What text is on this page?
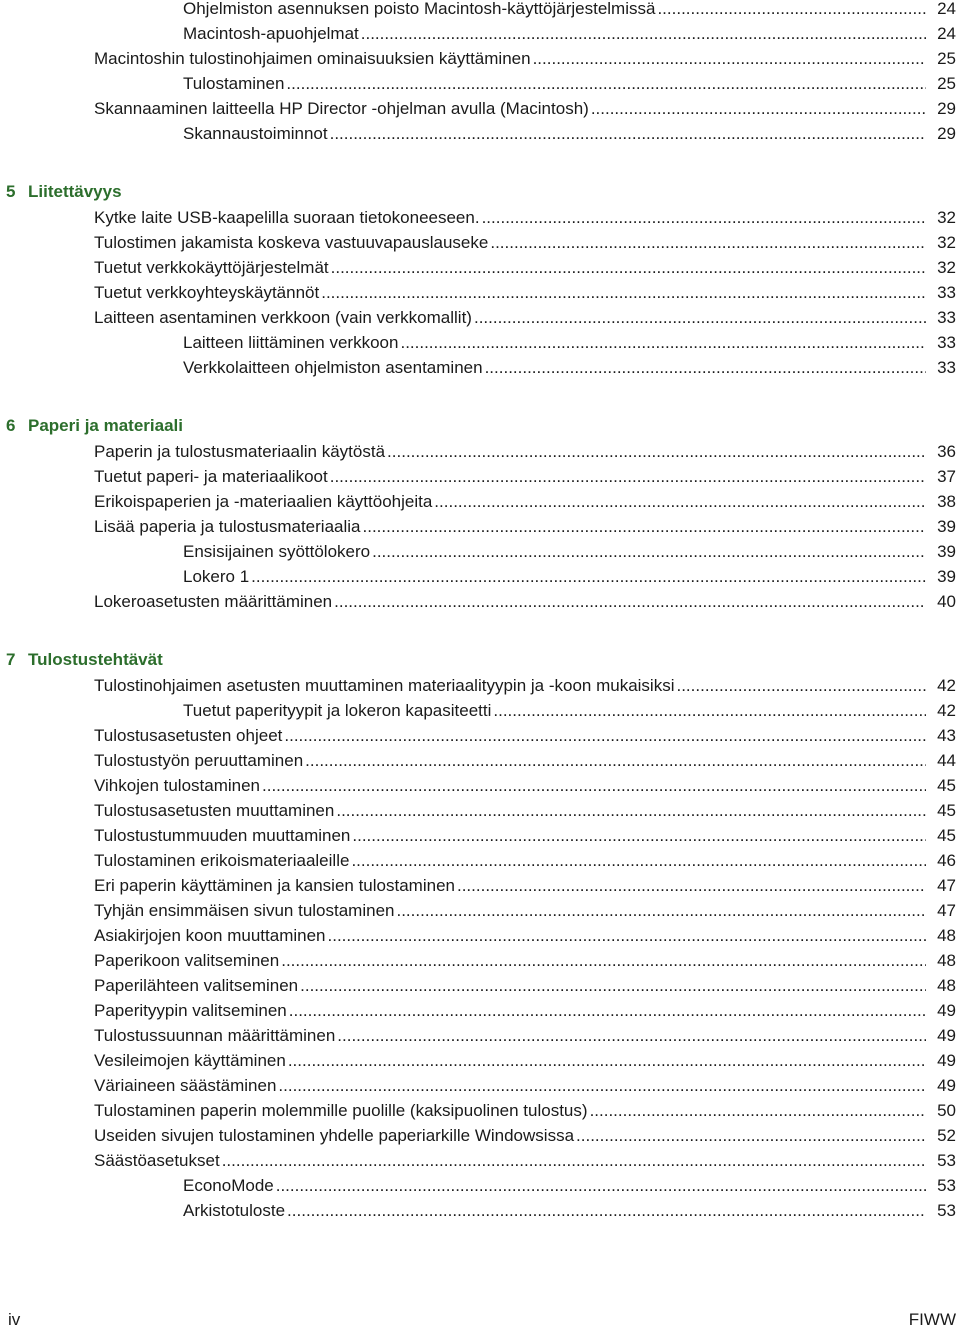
Ohjelmiston asennuksen poisto Macintosh-käyttöjärjestelmissä .....	24
Macintosh-apuohjelmat .....	24
Macintoshin tulostinohjaimen ominaisuuksien käyttäminen .....	25
Tulostaminen .....	25
Skannaaminen laitteella HP Director -ohjelman avulla (Macintosh) .....	29
Skannaustoiminnot .....	29
5 Liitettävyys
Kytke laite USB-kaapelilla suoraan tietokoneeseen. .....	32
Tulostimen jakamista koskeva vastuuvapauslauseke .....	32
Tuetut verkkokäyttöjärjestelmät .....	32
Tuetut verkkoyhteyskäytännöt .....	33
Laitteen asentaminen verkkoon (vain verkkomallit) .....	33
Laitteen liittäminen verkkoon .....	33
Verkkolaitteen ohjelmiston asentaminen .....	33
6 Paperi ja materiaali
Paperin ja tulostusmateriaalin käytöstä .....	36
Tuetut paperi- ja materiaalikoot .....	37
Erikoispaperien ja -materiaalien käyttöohjeita .....	38
Lisää paperia ja tulostusmateriaalia .....	39
Ensisijainen syöttölokero .....	39
Lokero 1 .....	39
Lokeroasetusten määrittäminen .....	40
7 Tulostustehtävät
Tulostinohjaimen asetusten muuttaminen materiaalityypin ja -koon mukaisiksi .....	42
Tuetut paperityypit ja lokeron kapasiteetti .....	42
Tulostusasetusten ohjeet .....	43
Tulostustyön peruuttaminen .....	44
Vihkojen tulostaminen .....	45
Tulostusasetusten muuttaminen .....	45
Tulostustummuuden muuttaminen .....	45
Tulostaminen erikoismateriaaleille .....	46
Eri paperin käyttäminen ja kansien tulostaminen .....	47
Tyhjän ensimmäisen sivun tulostaminen .....	47
Asiakirjojen koon muuttaminen .....	48
Paperikoon valitseminen .....	48
Paperilähteen valitseminen .....	48
Paperityypin valitseminen .....	49
Tulostussuunnan määrittäminen .....	49
Vesileimojen käyttäminen .....	49
Väriaineen säästäminen .....	49
Tulostaminen paperin molemmille puolille (kaksipuolinen tulostus) .....	50
Useiden sivujen tulostaminen yhdelle paperiarkille Windowsissa .....	52
Säästöasetukset .....	53
EconoMode .....	53
Arkistotuloste .....	53
iv	FIWW
